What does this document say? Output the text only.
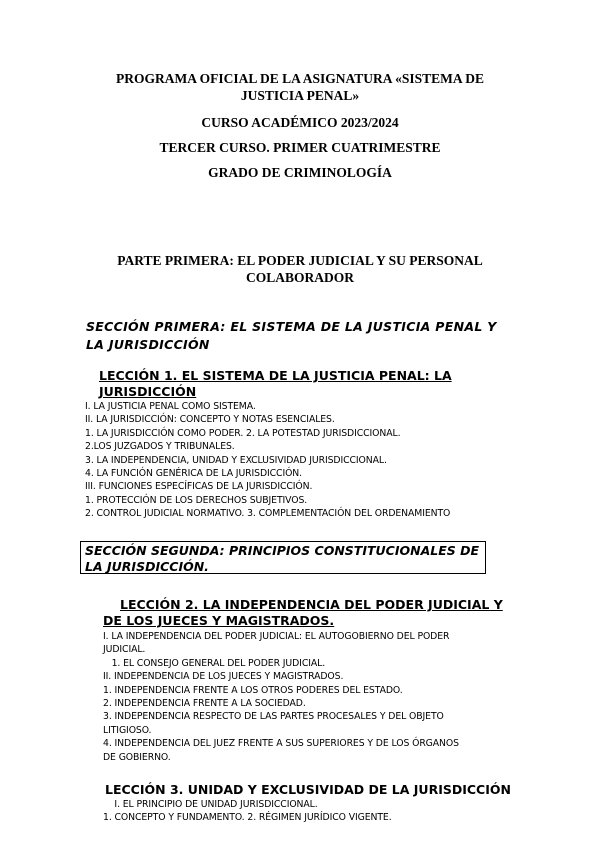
PROGRAMA OFICIAL DE LA ASIGNATURA «SISTEMA DE JUSTICIA PENAL»
CURSO ACADÉMICO 2023/2024
TERCER CURSO. PRIMER CUATRIMESTRE
GRADO DE CRIMINOLOGÍA
PARTE PRIMERA: EL PODER JUDICIAL Y SU PERSONAL COLABORADOR
SECCIÓN PRIMERA: EL SISTEMA DE LA JUSTICIA PENAL Y LA JURISDICCIÓN
LECCIÓN 1. EL SISTEMA DE LA JUSTICIA PENAL: LA JURISDICCIÓN
I. LA JUSTICIA PENAL COMO SISTEMA.
II. LA JURISDICCIÓN: CONCEPTO Y NOTAS ESENCIALES.
1. LA JURISDICCIÓN COMO PODER. 2. LA POTESTAD JURISDICCIONAL.
2.LOS JUZGADOS Y TRIBUNALES.
3. LA INDEPENDENCIA, UNIDAD Y EXCLUSIVIDAD JURISDICCIONAL.
4. LA FUNCIÓN GENÉRICA DE LA JURISDICCIÓN.
III. FUNCIONES ESPECÍFICAS DE LA JURISDICCIÓN.
1. PROTECCIÓN DE LOS DERECHOS SUBJETIVOS.
2. CONTROL JUDICIAL NORMATIVO. 3. COMPLEMENTACIÓN DEL ORDENAMIENTO
SECCIÓN SEGUNDA: PRINCIPIOS CONSTITUCIONALES DE LA JURISDICCIÓN.
LECCIÓN 2. LA INDEPENDENCIA DEL PODER JUDICIAL Y DE LOS JUECES Y MAGISTRADOS.
I. LA INDEPENDENCIA DEL PODER JUDICIAL: EL AUTOGOBIERNO DEL PODER
JUDICIAL.
1. EL CONSEJO GENERAL DEL PODER JUDICIAL.
II. INDEPENDENCIA DE LOS JUECES Y MAGISTRADOS.
1. INDEPENDENCIA FRENTE A LOS OTROS PODERES DEL ESTADO.
2. INDEPENDENCIA FRENTE A LA SOCIEDAD.
3. INDEPENDENCIA RESPECTO DE LAS PARTES PROCESALES Y DEL OBJETO
LITIGIOSO.
4. INDEPENDENCIA DEL JUEZ FRENTE A SUS SUPERIORES Y DE LOS ÓRGANOS
DE GOBIERNO.
LECCIÓN 3. UNIDAD Y EXCLUSIVIDAD DE LA JURISDICCIÓN
I. EL PRINCIPIO DE UNIDAD JURISDICCIONAL.
1. CONCEPTO Y FUNDAMENTO. 2. RÉGIMEN JURÍDICO VIGENTE.
